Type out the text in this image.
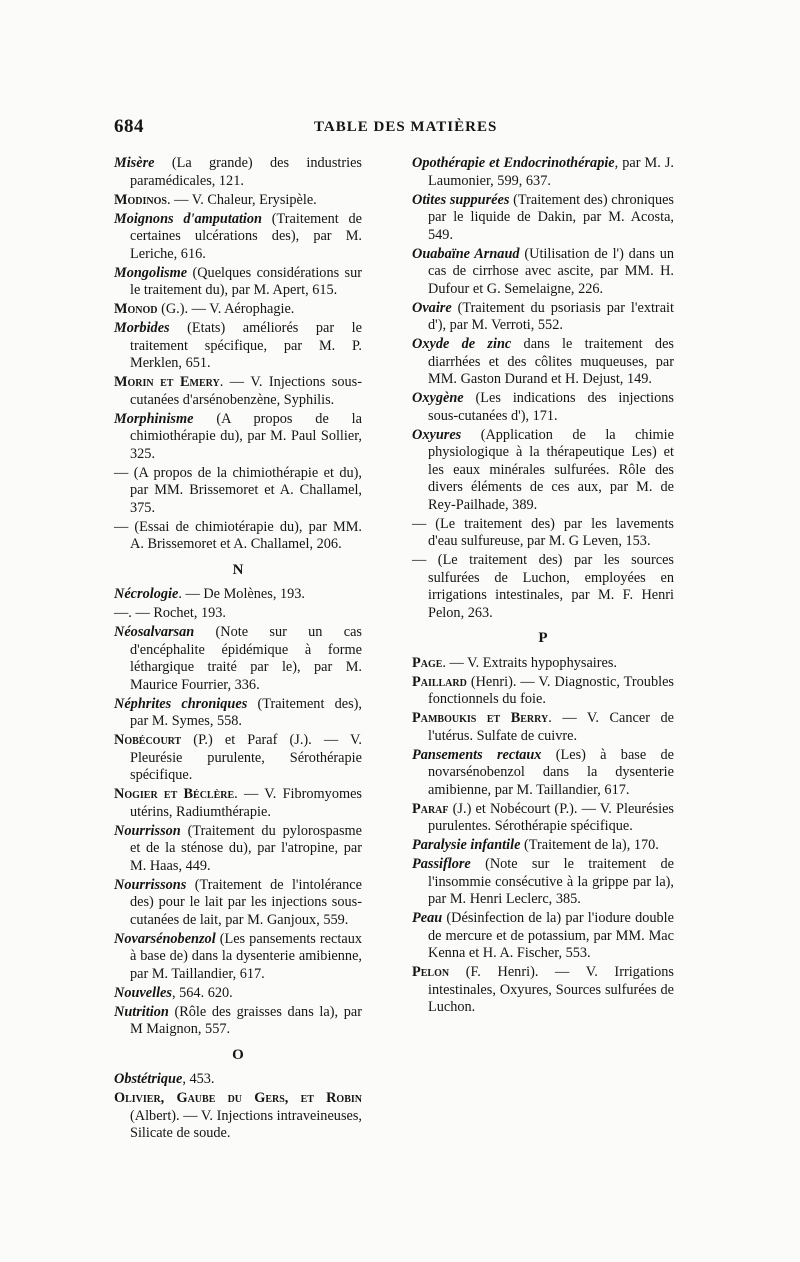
684	TABLE DES MATIÈRES
Misère (La grande) des industries paramédicales, 121.
Modinos. — V. Chaleur, Erysipèle.
Moignons d'amputation (Traitement de certaines ulcérations des), par M. Leriche, 616.
Mongolisme (Quelques considérations sur le traitement du), par M. Apert, 615.
Monod (G.). — V. Aérophagie.
Morbides (Etats) améliorés par le traitement spécifique, par M. P. Merklen, 651.
Morin et Emery. — V. Injections sous-cutanées d'arsénobenzène, Syphilis.
Morphinisme (A propos de la chimiothérapie du), par M. Paul Sollier, 325.
— (A propos de la chimiothérapie et du), par MM. Brissemoret et A. Challamel, 375.
— (Essai de chimiotérapie du), par MM. A. Brissemoret et A. Challamel, 206.
N
Nécrologie. — De Molènes, 193.
—. — Rochet, 193.
Néosalvarsan (Note sur un cas d'encéphalite épidémique à forme léthargique traité par le), par M. Maurice Fourrier, 336.
Néphrites chroniques (Traitement des), par M. Symes, 558.
Nobécourt (P.) et Paraf (J.). — V. Pleurésie purulente, Sérothérapie spécifique.
Nogier et Béclère. — V. Fibromyomes utérins, Radiumthérapie.
Nourrisson (Traitement du pylorospasme et de la sténose du), par l'atropine, par M. Haas, 449.
Nourrissons (Traitement de l'intolérance des) pour le lait par les injections sous-cutanées de lait, par M. Ganjoux, 559.
Novarsénobenzol (Les pansements rectaux à base de) dans la dysenterie amibienne, par M. Taillandier, 617.
Nouvelles, 564. 620.
Nutrition (Rôle des graisses dans la), par M Maignon, 557.
O
Obstétrique, 453.
Olivier, Gaube du Gers, et Robin (Albert). — V. Injections intraveineuses, Silicate de soude.
Opothérapie et Endocrinothérapie, par M. J. Laumonier, 599, 637.
Otites suppurées (Traitement des) chroniques par le liquide de Dakin, par M. Acosta, 549.
Ouabaïne Arnaud (Utilisation de l') dans un cas de cirrhose avec ascite, par MM. H. Dufour et G. Semelaigne, 226.
Ovaire (Traitement du psoriasis par l'extrait d'), par M. Verroti, 552.
Oxyde de zinc dans le traitement des diarrhées et des côlites muqueuses, par MM. Gaston Durand et H. Dejust, 149.
Oxygène (Les indications des injections sous-cutanées d'), 171.
Oxyures (Application de la chimie physiologique à la thérapeutique Les) et les eaux minérales sulfurées. Rôle des divers éléments de ces aux, par M. de Rey-Pailhade, 389.
— (Le traitement des) par les lavements d'eau sulfureuse, par M. G Leven, 153.
— (Le traitement des) par les sources sulfurées de Luchon, employées en irrigations intestinales, par M. F. Henri Pelon, 263.
P
Page. — V. Extraits hypophysaires.
Paillard (Henri). — V. Diagnostic, Troubles fonctionnels du foie.
Pamboukis et Berry. — V. Cancer de l'utérus. Sulfate de cuivre.
Pansements rectaux (Les) à base de novarsénobenzol dans la dysenterie amibienne, par M. Taillandier, 617.
Paraf (J.) et Nobécourt (P.). — V. Pleurésies purulentes. Sérothérapie spécifique.
Paralysie infantile (Traitement de la), 170.
Passiflore (Note sur le traitement de l'insommie consécutive à la grippe par la), par M. Henri Leclerc, 385.
Peau (Désinfection de la) par l'iodure double de mercure et de potassium, par MM. Mac Kenna et H. A. Fischer, 553.
Pelon (F. Henri). — V. Irrigations intestinales, Oxyures, Sources sulfurées de Luchon.
